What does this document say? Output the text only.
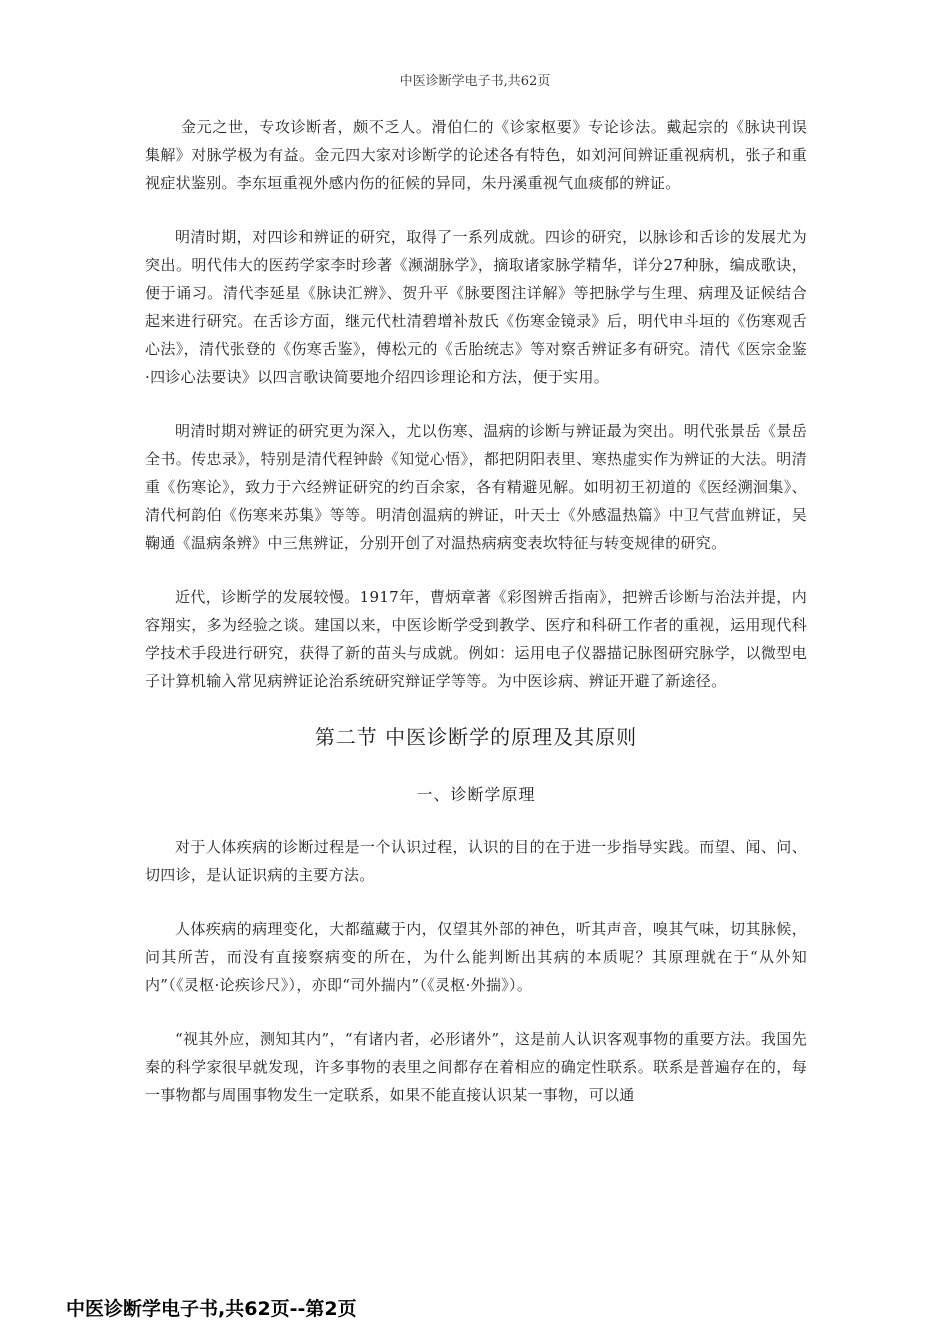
中医诊断学电子书,共62页

金元之世，专攻诊断者，颇不乏人。滑伯仁的《诊家枢要》专论诊法。戴起宗的《脉诀刊误集解》对脉学极为有益。金元四大家对诊断学的论述各有特色，如刘河间辨证重视病机，张子和重视症状鉴别。李东垣重视外感内伤的征候的异同，朱丹溪重视气血痰郁的辨证。

明清时期，对四诊和辨证的研究，取得了一系列成就。四诊的研究，以脉诊和舌诊的发展尤为突出。明代伟大的医药学家李时珍著《濒湖脉学》，摘取诸家脉学精华，详分27种脉，编成歌诀，便于诵习。清代李延星《脉诀汇辨》、贺升平《脉要图注详解》等把脉学与生理、病理及证候结合起来进行研究。在舌诊方面，继元代杜清碧增补敖氏《伤寒金镜录》后，明代申斗垣的《伤寒观舌心法》，清代张登的《伤寒舌鉴》，傅松元的《舌胎统志》等对察舌辨证多有研究。清代《医宗金鉴·四诊心法要诀》以四言歌诀简要地介绍四诊理论和方法，便于实用。

明清时期对辨证的研究更为深入，尤以伤寒、温病的诊断与辨证最为突出。明代张景岳《景岳全书。传忠录》，特别是清代程钟龄《知觉心悟》，都把阴阳表里、寒热虚实作为辨证的大法。明清重《伤寒论》，致力于六经辨证研究的约百余家，各有精避见解。如明初王初道的《医经溯洄集》、清代柯韵伯《伤寒来苏集》等等。明清创温病的辨证，叶天士《外感温热篇》中卫气营血辨证，吴鞠通《温病条辨》中三焦辨证，分别开创了对温热病病变表坎特征与转变规律的研究。

近代，诊断学的发展较慢。1917年，曹炳章著《彩图辨舌指南》，把辨舌诊断与治法并提，内容翔实，多为经验之谈。建国以来，中医诊断学受到教学、医疗和科研工作者的重视，运用现代科学技术手段进行研究，获得了新的苗头与成就。例如：运用电子仪器描记脉图研究脉学，以微型电子计算机输入常见病辨证论治系统研究辩证学等等。为中医诊病、辨证开避了新途径。

第二节 中医诊断学的原理及其原则
一、诊断学原理

对于人体疾病的诊断过程是一个认识过程，认识的目的在于进一步指导实践。而望、闻、问、切四诊，是认证识病的主要方法。

人体疾病的病理变化，大都蕴藏于内，仅望其外部的神色，听其声音，嗅其气味，切其脉候，问其所苦，而没有直接察病变的所在，为什么能判断出其病的本质呢？其原理就在于“从外知内”（《灵枢·论疾诊尺》），亦即“司外揣内”（《灵枢·外揣》）。

“视其外应，测知其内”，“有诸内者，必形诸外”，这是前人认识客观事物的重要方法。我国先秦的科学家很早就发现，许多事物的表里之间都存在着相应的确定性联系。联系是普遍存在的，每一事物都与周围事物发生一定联系，如果不能直接认识某一事物，可以通

中医诊断学电子书,共62页--第2页
